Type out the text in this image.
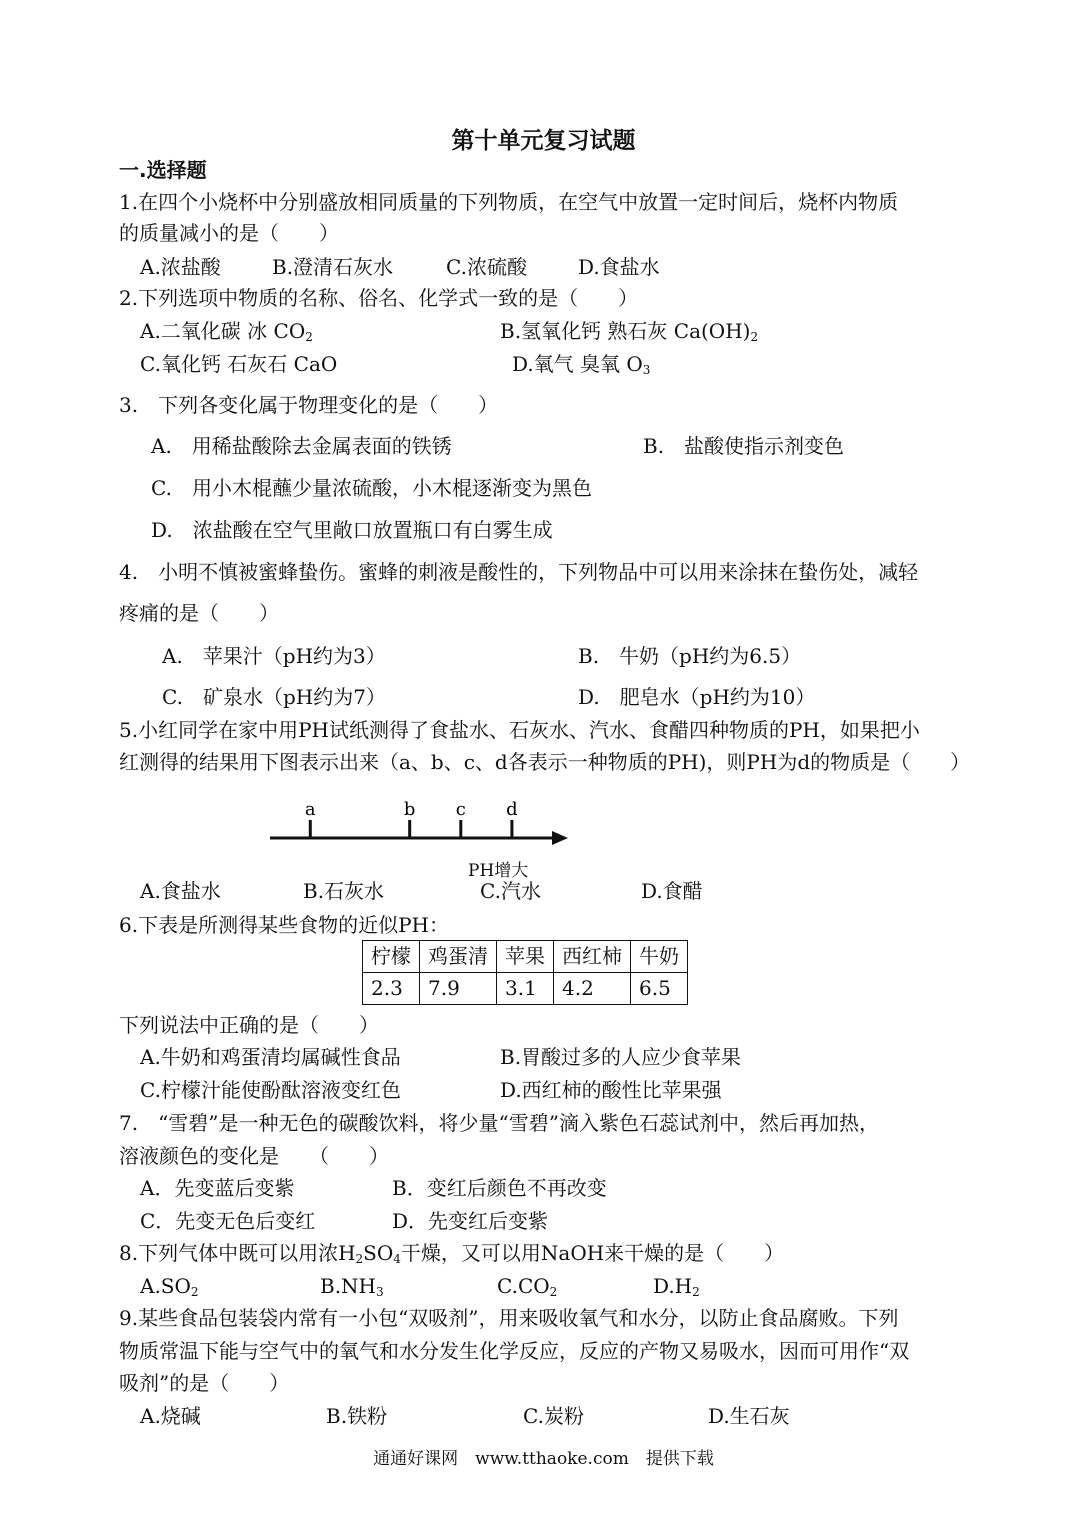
第十单元复习试题
一.选择题
1.在四个小烧杯中分别盛放相同质量的下列物质，在空气中放置一定时间后，烧杯内物质
的质量减小的是（　　）
A.浓盐酸	B.澄清石灰水	C.浓硫酸	D.食盐水
2.下列选项中物质的名称、俗名、化学式一致的是（　　）
A.二氧化碳 冰 $CO_2$	B.氢氧化钙 熟石灰 $Ca(OH)_2$
C.氧化钙 石灰石 CaO	D.氧气 臭氧 $O_3$
3.　下列各变化属于物理变化的是（　　）
A.　用稀盐酸除去金属表面的铁锈	B.　盐酸使指示剂变色
C.　用小木棍蘸少量浓硫酸，小木棍逐渐变为黑色
D.　浓盐酸在空气里敞口放置瓶口有白雾生成
4.　小明不慎被蜜蜂蛰伤。蜜蜂的刺液是酸性的，下列物品中可以用来涂抹在蛰伤处，减轻
疼痛的是（　　）
A.　苹果汁（pH约为3）	B.　牛奶（pH约为6.5）
C.　矿泉水（pH约为7）	D.　肥皂水（pH约为10）
5.小红同学在家中用PH试纸测得了食盐水、石灰水、汽水、食醋四种物质的PH，如果把小
红测得的结果用下图表示出来（a、b、c、d各表示一种物质的PH)，则PH为d的物质是（　　）
a	b c d
PH增大
A.食盐水	B.石灰水	C.汽水	D.食醋
6.下表是所测得某些食物的近似PH：
柠檬	鸡蛋清	苹果	西红柿	牛奶
2.3	7.9	3.1	4.2	6.5
下列说法中正确的是（　　）
A.牛奶和鸡蛋清均属碱性食品	B.胃酸过多的人应少食苹果
C.柠檬汁能使酚酞溶液变红色	D.西红柿的酸性比苹果强
7.　“雪碧”是一种无色的碳酸饮料，将少量“雪碧”滴入紫色石蕊试剂中，然后再加热，
溶液颜色的变化是　　（　　）
A．先变蓝后变紫	B．变红后颜色不再改变
C．先变无色后变红	D．先变红后变紫
8.下列气体中既可以用浓$H_2SO_4$干燥，又可以用NaOH来干燥的是（　　）
$A.SO_2$	$B.NH_3$	$C.CO_2$	$D.H_2$
9.某些食品包装袋内常有一小包“双吸剂”，用来吸收氧气和水分，以防止食品腐败。下列
物质常温下能与空气中的氧气和水分发生化学反应，反应的产物又易吸水，因而可用作“双
吸剂”的是（　　）
A.烧碱	B.铁粉	C.炭粉	D.生石灰
通通好课网　www.tthaoke.com　提供下载
